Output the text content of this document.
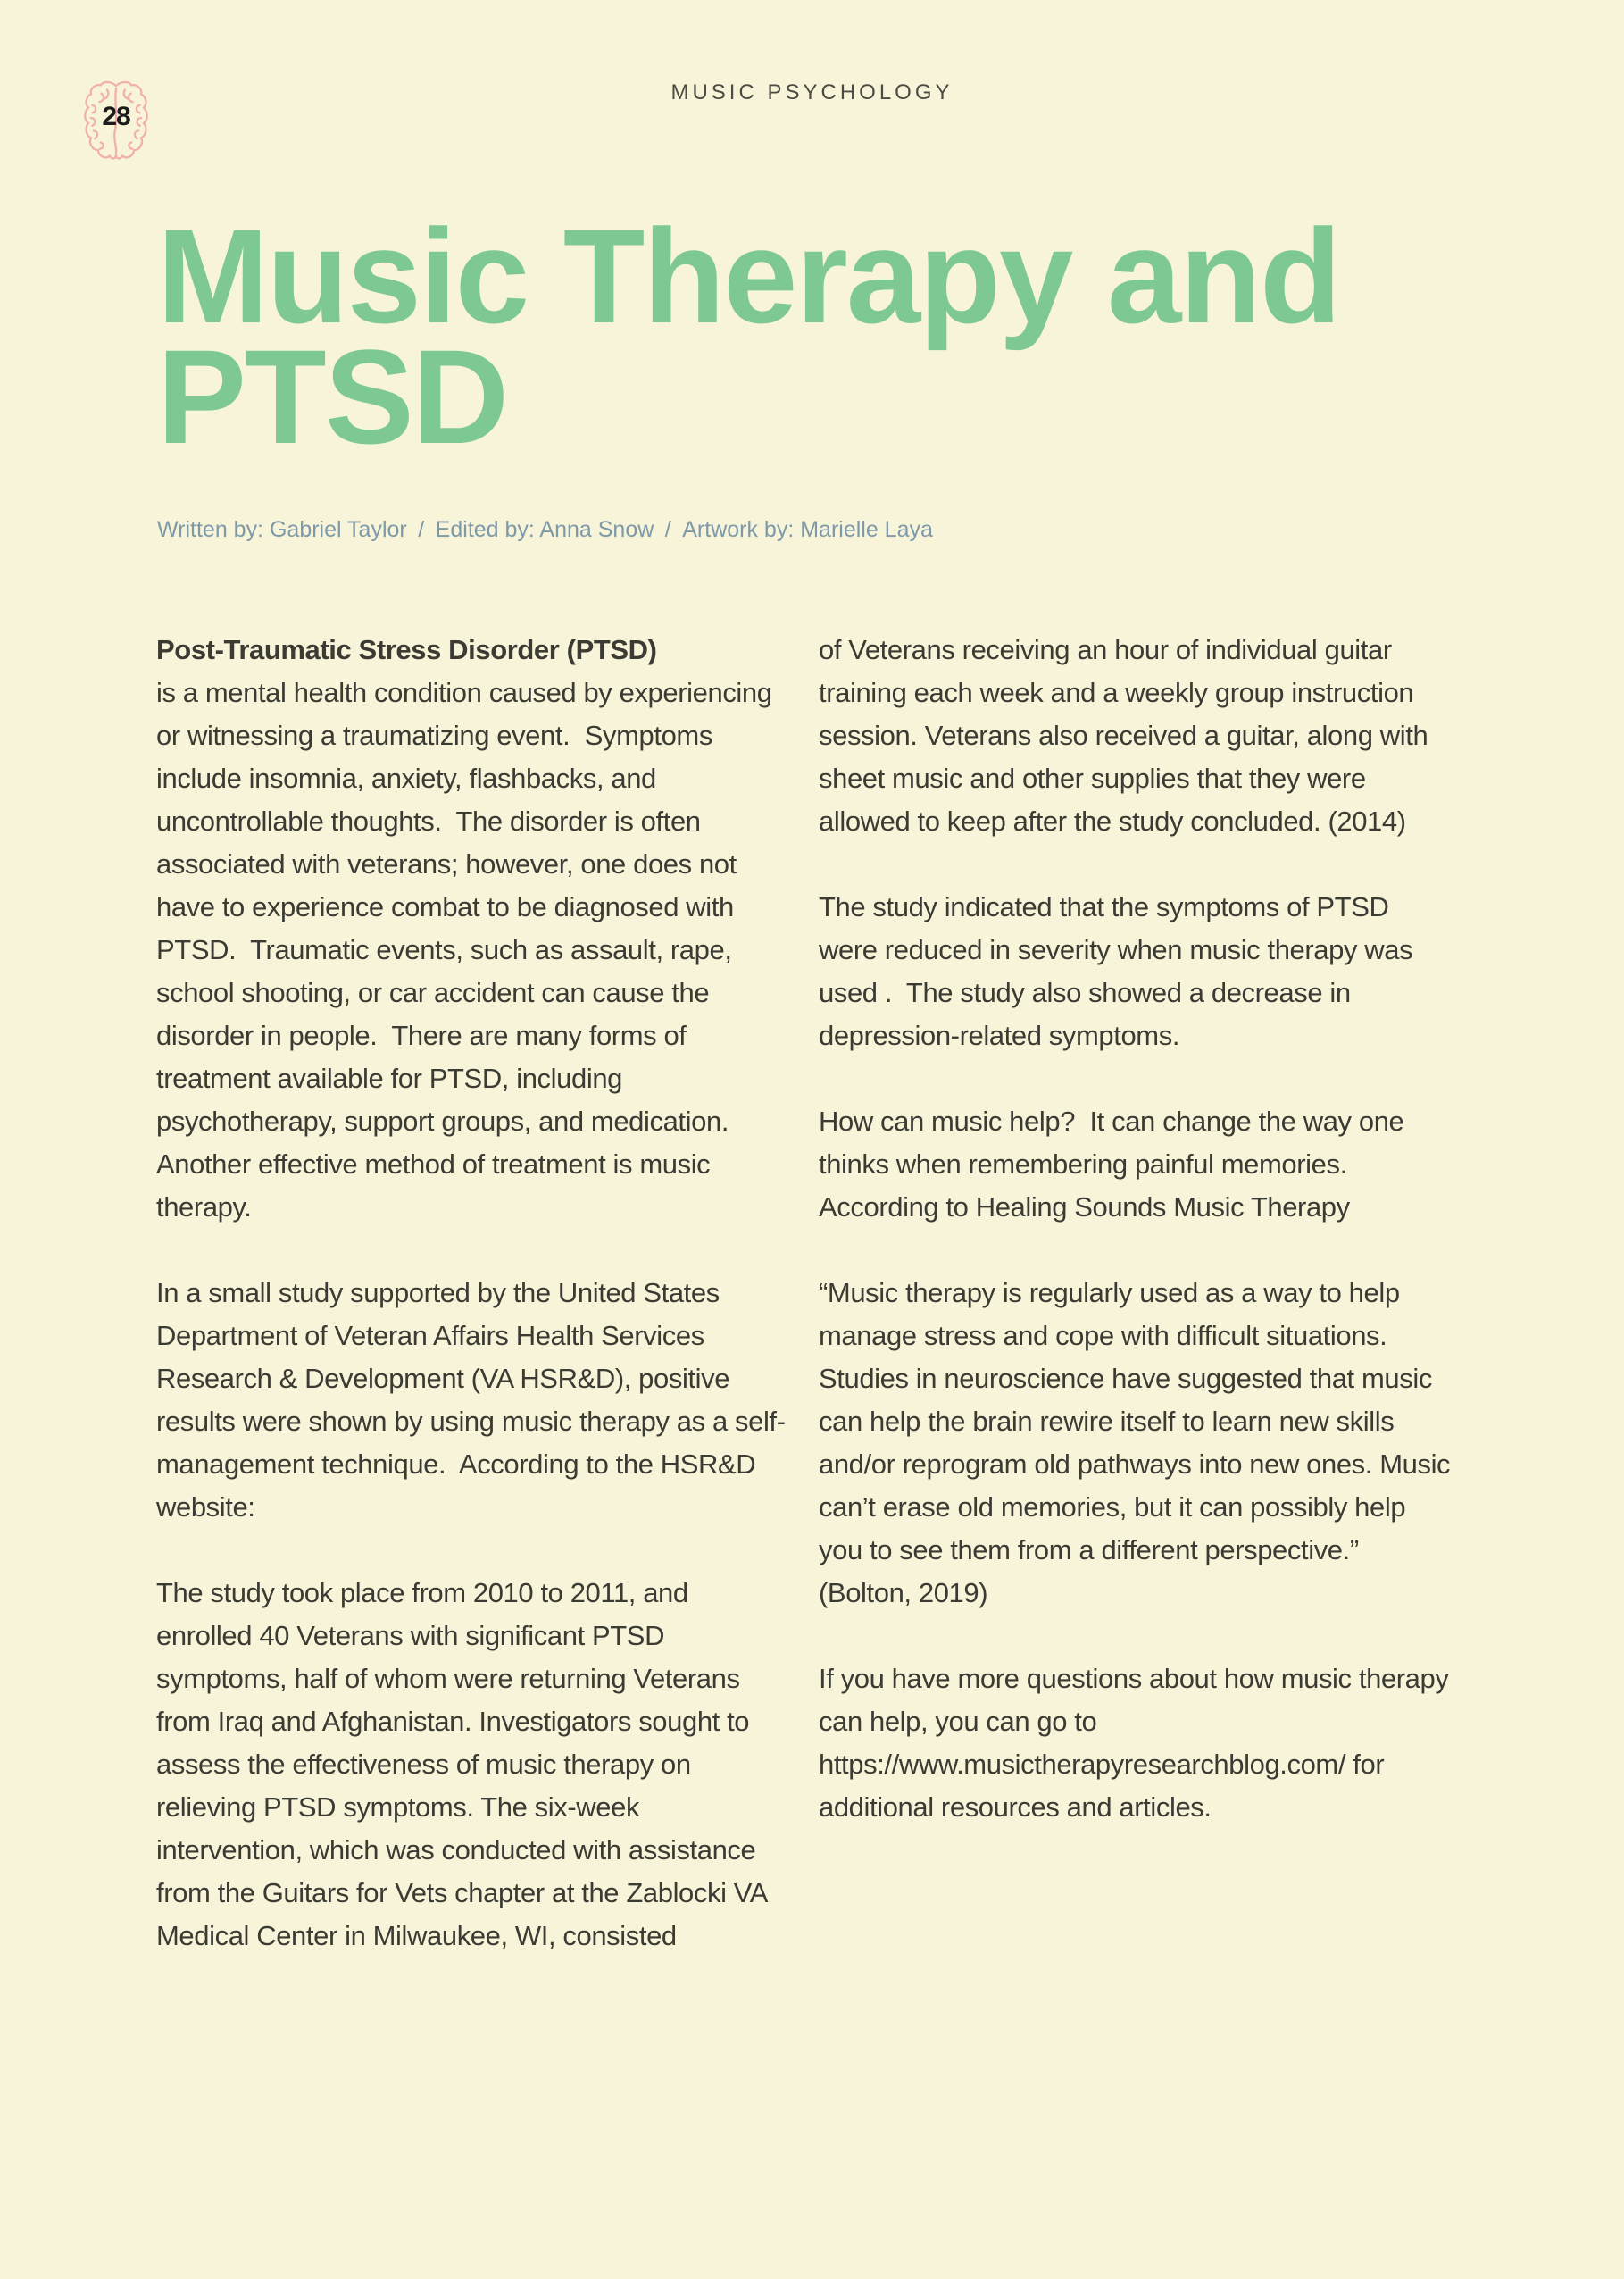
28
MUSIC PSYCHOLOGY
Music Therapy and
PTSD
Written by: Gabriel Taylor / Edited by: Anna Snow / Artwork by: Marielle Laya

Post-Traumatic Stress Disorder (PTSD)
is a mental health condition caused by experiencing or witnessing a traumatizing event.  Symptoms include insomnia, anxiety, flashbacks, and uncontrollable thoughts.  The disorder is often associated with veterans; however, one does not have to experience combat to be diagnosed with PTSD.  Traumatic events, such as assault, rape, school shooting, or car accident can cause the disorder in people.  There are many forms of treatment available for PTSD, including psychotherapy, support groups, and medication.  Another effective method of treatment is music therapy.

In a small study supported by the United States Department of Veteran Affairs Health Services Research & Development (VA HSR&D), positive results were shown by using music therapy as a self-management technique.  According to the HSR&D website:

The study took place from 2010 to 2011, and enrolled 40 Veterans with significant PTSD symptoms, half of whom were returning Veterans from Iraq and Afghanistan. Investigators sought to assess the effectiveness of music therapy on relieving PTSD symptoms. The six-week intervention, which was conducted with assistance from the Guitars for Vets chapter at the Zablocki VA Medical Center in Milwaukee, WI, consisted

of Veterans receiving an hour of individual guitar training each week and a weekly group instruction session. Veterans also received a guitar, along with sheet music and other supplies that they were allowed to keep after the study concluded. (2014)

The study indicated that the symptoms of PTSD were reduced in severity when music therapy was used .  The study also showed a decrease in depression-related symptoms.

How can music help?  It can change the way one thinks when remembering painful memories.  According to Healing Sounds Music Therapy

“Music therapy is regularly used as a way to help manage stress and cope with difficult situations. Studies in neuroscience have suggested that music can help the brain rewire itself to learn new skills and/or reprogram old pathways into new ones. Music can’t erase old memories, but it can possibly help you to see them from a different perspective.” (Bolton, 2019)

If you have more questions about how music therapy can help, you can go to https://www.musictherapyresearchblog.com/ for additional resources and articles.
